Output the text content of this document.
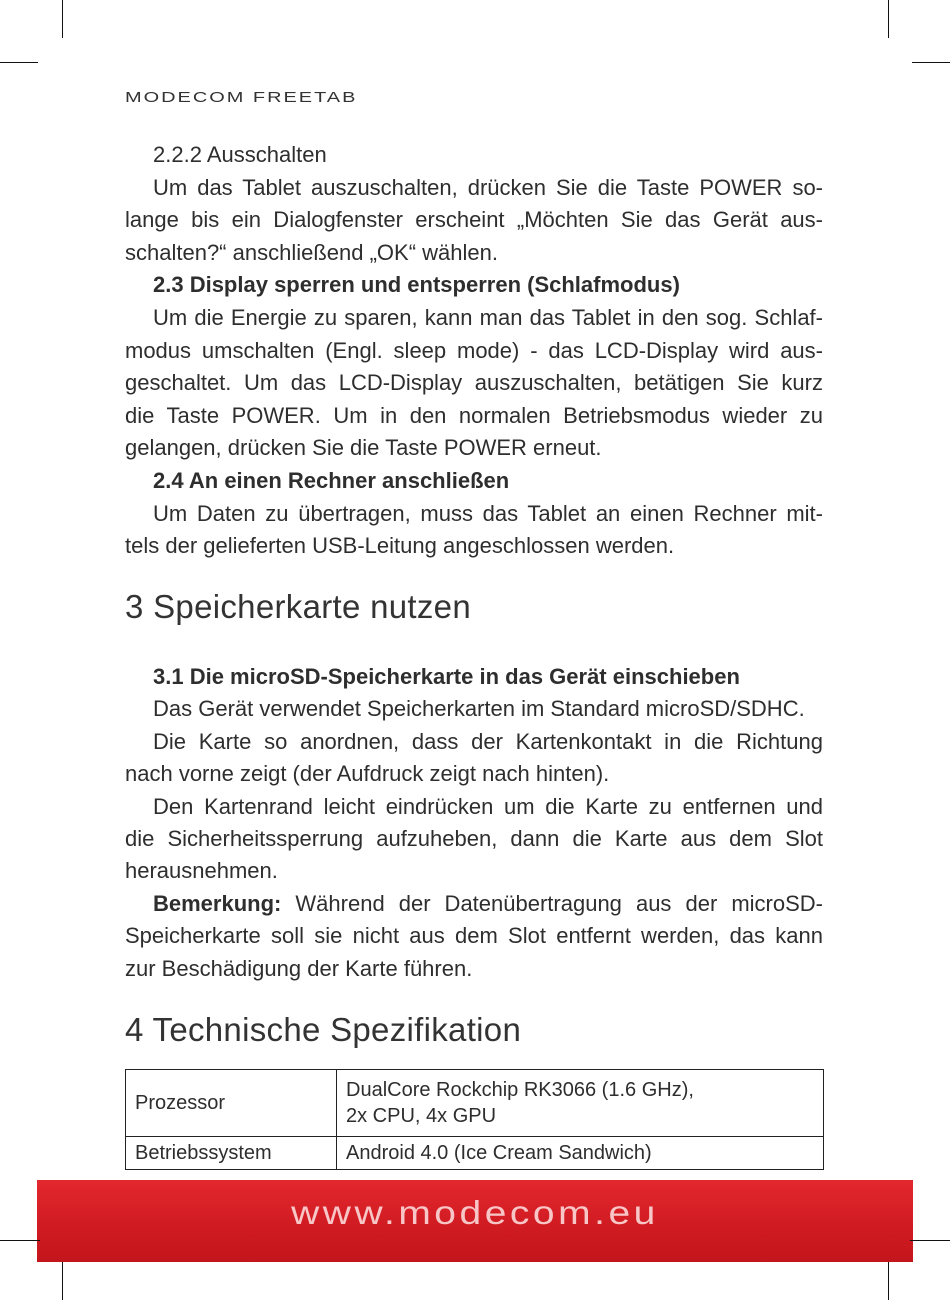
MODECOM FREETAB
2.2.2 Ausschalten
Um das Tablet auszuschalten, drücken Sie die Taste POWER so-
lange bis ein Dialogfenster erscheint „Möchten Sie das Gerät aus-
schalten?“ anschließend „OK“ wählen.
2.3 Display sperren und entsperren (Schlafmodus)
Um die Energie zu sparen, kann man das Tablet in den sog. Schlaf-
modus umschalten (Engl. sleep mode) - das LCD-Display wird aus-
geschaltet. Um das LCD-Display auszuschalten, betätigen Sie kurz
die Taste POWER. Um in den normalen Betriebsmodus wieder zu
gelangen, drücken Sie die Taste POWER erneut.
2.4 An einen Rechner anschließen
Um Daten zu übertragen, muss das Tablet an einen Rechner mit-
tels der gelieferten USB-Leitung angeschlossen werden.
3 Speicherkarte nutzen
3.1 Die microSD-Speicherkarte in das Gerät einschieben
Das Gerät verwendet Speicherkarten im Standard microSD/SDHC.
Die Karte so anordnen, dass der Kartenkontakt in die Richtung
nach vorne zeigt (der Aufdruck zeigt nach hinten).
Den Kartenrand leicht eindrücken um die Karte zu entfernen und
die Sicherheitssperrung aufzuheben, dann die Karte aus dem Slot
herausnehmen.
Bemerkung: Während der Datenübertragung aus der microSD-
Speicherkarte soll sie nicht aus dem Slot entfernt werden, das kann
zur Beschädigung der Karte führen.
4 Technische Spezifikation
Prozessor	DualCore Rockchip RK3066 (1.6 GHz),
2x CPU, 4x GPU

Betriebssystem	Android 4.0 (Ice Cream Sandwich)
www.modecom.eu
